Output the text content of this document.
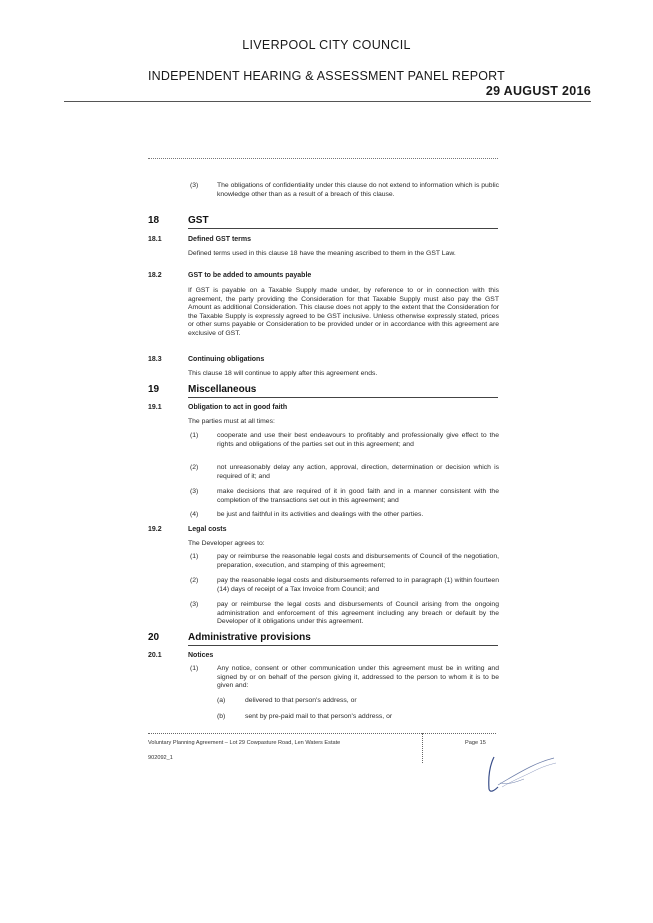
LIVERPOOL CITY COUNCIL
INDEPENDENT HEARING & ASSESSMENT PANEL REPORT
29 AUGUST 2016
(3)	The obligations of confidentiality under this clause do not extend to information which is public knowledge other than as a result of a breach of this clause.
18	GST
18.1	Defined GST terms
Defined terms used in this clause 18 have the meaning ascribed to them in the GST Law.
18.2	GST to be added to amounts payable
If GST is payable on a Taxable Supply made under, by reference to or in connection with this agreement, the party providing the Consideration for that Taxable Supply must also pay the GST Amount as additional Consideration. This clause does not apply to the extent that the Consideration for the Taxable Supply is expressly agreed to be GST inclusive. Unless otherwise expressly stated, prices or other sums payable or Consideration to be provided under or in accordance with this agreement are exclusive of GST.
18.3	Continuing obligations
This clause 18 will continue to apply after this agreement ends.
19	Miscellaneous
19.1	Obligation to act in good faith
The parties must at all times:
(1)	cooperate and use their best endeavours to profitably and professionally give effect to the rights and obligations of the parties set out in this agreement; and
(2)	not unreasonably delay any action, approval, direction, determination or decision which is required of it; and
(3)	make decisions that are required of it in good faith and in a manner consistent with the completion of the transactions set out in this agreement; and
(4)	be just and faithful in its activities and dealings with the other parties.
19.2	Legal costs
The Developer agrees to:
(1)	pay or reimburse the reasonable legal costs and disbursements of Council of the negotiation, preparation, execution, and stamping of this agreement;
(2)	pay the reasonable legal costs and disbursements referred to in paragraph (1) within fourteen (14) days of receipt of a Tax Invoice from Council; and
(3)	pay or reimburse the legal costs and disbursements of Council arising from the ongoing administration and enforcement of this agreement including any breach or default by the Developer of it obligations under this agreement.
20	Administrative provisions
20.1	Notices
(1)	Any notice, consent or other communication under this agreement must be in writing and signed by or on behalf of the person giving it, addressed to the person to whom it is to be given and:
(a)	delivered to that person's address, or
(b)	sent by pre-paid mail to that person's address, or
Voluntary Planning Agreement – Lot 29 Cowpasture Road, Len Waters Estate	Page 15
902092_1
